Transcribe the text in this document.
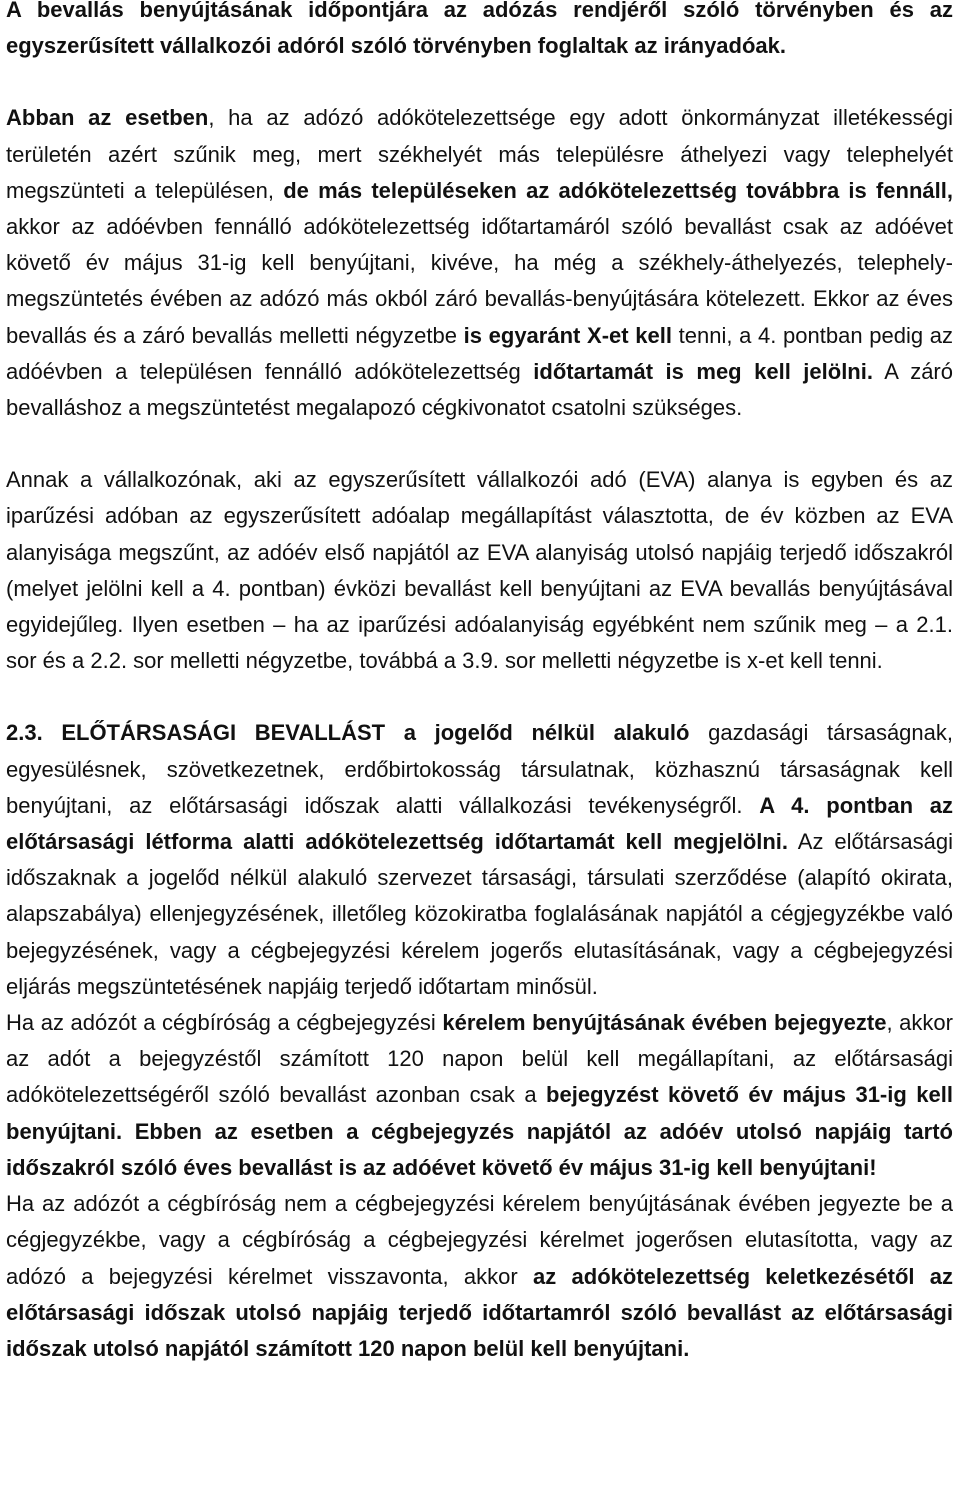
A bevallás benyújtásának időpontjára az adózás rendjéről szóló törvényben és az egyszerűsített vállalkozói adóról szóló törvényben foglaltak az irányadóak.

Abban az esetben, ha az adózó adókötelezettsége egy adott önkormányzat illetékességi területén azért szűnik meg, mert székhelyét más településre áthelyezi vagy telephelyét megszünteti a településen, de más településeken az adókötelezettség továbbra is fennáll, akkor az adóévben fennálló adókötelezettség időtartamáról szóló bevallást csak az adóévet követő év május 31-ig kell benyújtani, kivéve, ha még a székhely-áthelyezés, telephely-megszüntetés évében az adózó más okból záró bevallás-benyújtására kötelezett. Ekkor az éves bevallás és a záró bevallás melletti négyzetbe is egyaránt X-et kell tenni, a 4. pontban pedig az adóévben a településen fennálló adókötelezettség időtartamát is meg kell jelölni. A záró bevalláshoz a megszüntetést megalapozó cégkivonatot csatolni szükséges.

Annak a vállalkozónak, aki az egyszerűsített vállalkozói adó (EVA) alanya is egyben és az iparűzési adóban az egyszerűsített adóalap megállapítást választotta, de év közben az EVA alanyisága megszűnt, az adóév első napjától az EVA alanyiság utolsó napjáig terjedő időszakról (melyet jelölni kell a 4. pontban) évközi bevallást kell benyújtani az EVA bevallás benyújtásával egyidejűleg. Ilyen esetben – ha az iparűzési adóalanyiság egyébként nem szűnik meg – a 2.1. sor és a 2.2. sor melletti négyzetbe, továbbá a 3.9. sor melletti négyzetbe is x-et kell tenni.

2.3. ELŐTÁRSASÁGI BEVALLÁST a jogelőd nélkül alakuló gazdasági társaságnak, egyesülésnek, szövetkezetnek, erdőbirtokosság társulatnak, közhasznú társaságnak kell benyújtani, az előtársasági időszak alatti vállalkozási tevékenységről. A 4. pontban az előtársasági létforma alatti adókötelezettség időtartamát kell megjelölni. Az előtársasági időszaknak a jogelőd nélkül alakuló szervezet társasági, társulati szerződése (alapító okirata, alapszabálya) ellenjegyzésének, illetőleg közokiratba foglalásának napjától a cégjegyzékbe való bejegyzésének, vagy a cégbejegyzési kérelem jogerős elutasításának, vagy a cégbejegyzési eljárás megszüntetésének napjáig terjedő időtartam minősül.

Ha az adózót a cégbíróság a cégbejegyzési kérelem benyújtásának évében bejegyezte, akkor az adót a bejegyzéstől számított 120 napon belül kell megállapítani, az előtársasági adókötelezettségéről szóló bevallást azonban csak a bejegyzést követő év május 31-ig kell benyújtani. Ebben az esetben a cégbejegyzés napjától az adóév utolsó napjáig tartó időszakról szóló éves bevallást is az adóévet követő év május 31-ig kell benyújtani!

Ha az adózót a cégbíróság nem a cégbejegyzési kérelem benyújtásának évében jegyezte be a cégjegyzékbe, vagy a cégbíróság a cégbejegyzési kérelmet jogerősen elutasította, vagy az adózó a bejegyzési kérelmet visszavonta, akkor az adókötelezettség keletkezésétől az előtársasági időszak utolsó napjáig terjedő időtartamról szóló bevallást az előtársasági időszak utolsó napjától számított 120 napon belül kell benyújtani.
